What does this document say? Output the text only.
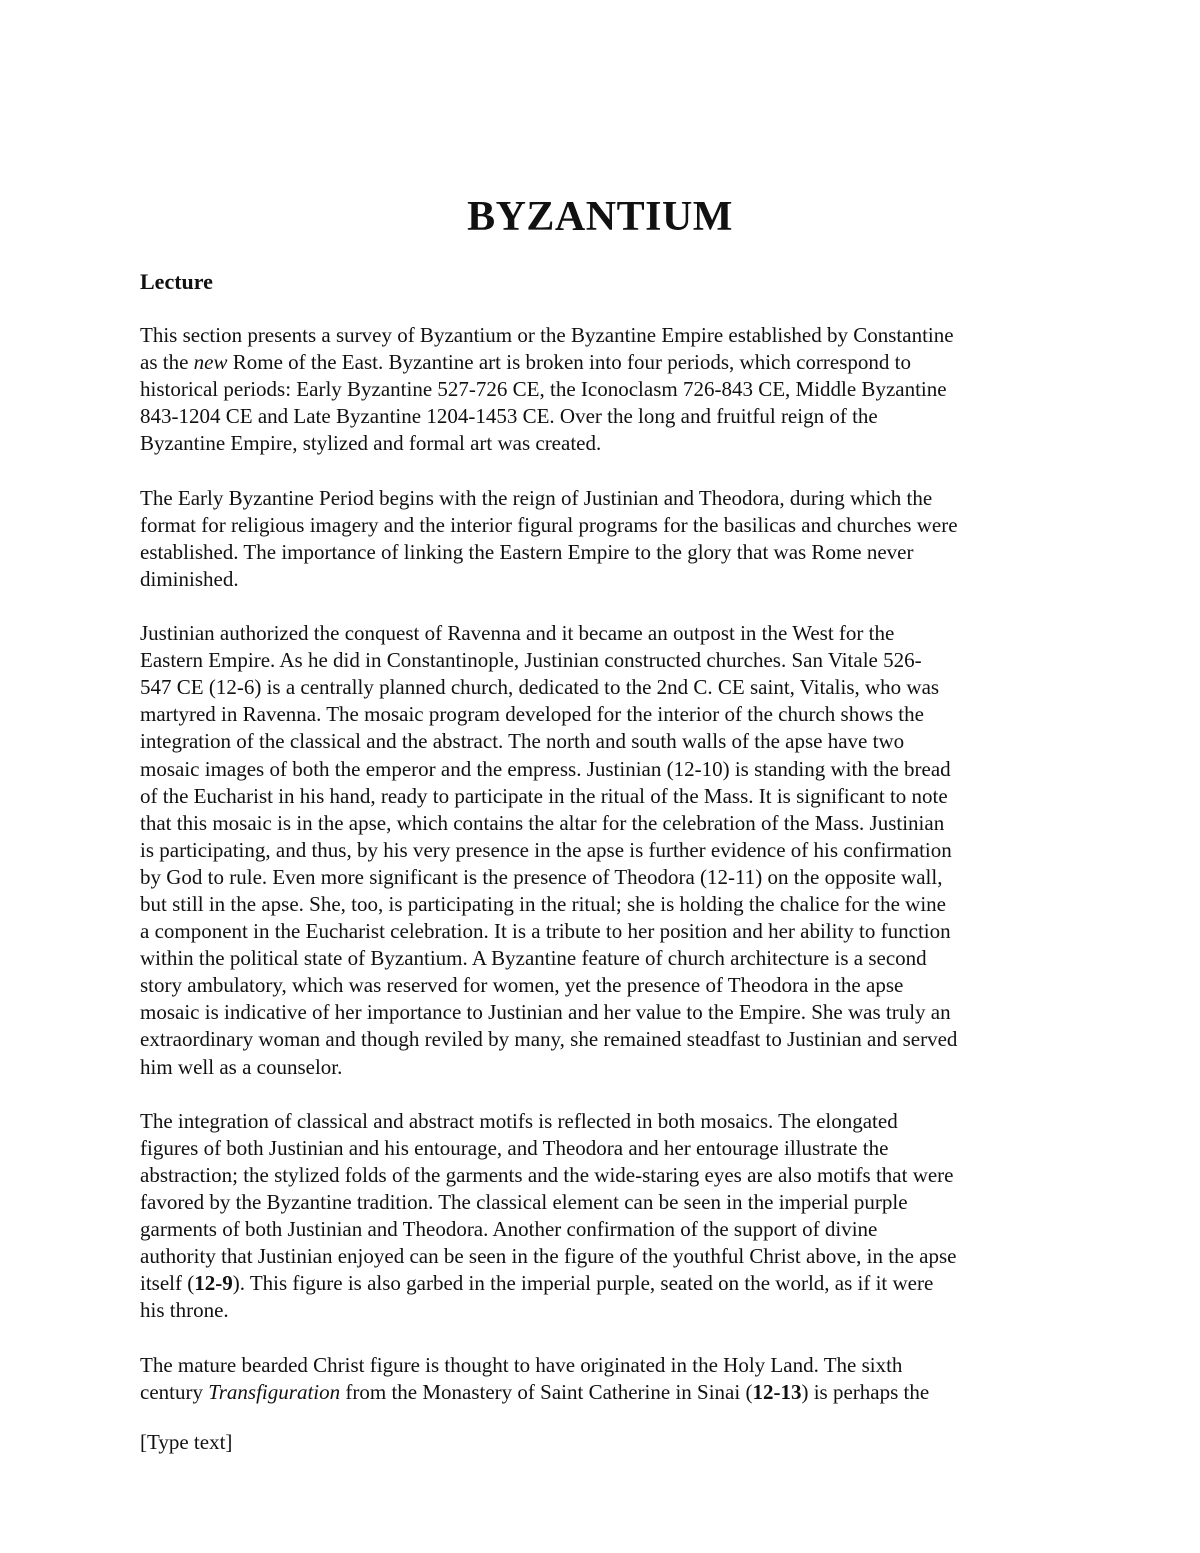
BYZANTIUM
Lecture

This section presents a survey of Byzantium or the Byzantine Empire established by Constantine
as the new Rome of the East. Byzantine art is broken into four periods, which correspond to
historical periods: Early Byzantine 527-726 CE, the Iconoclasm 726-843 CE, Middle Byzantine
843-1204 CE and Late Byzantine 1204-1453 CE. Over the long and fruitful reign of the
Byzantine Empire, stylized and formal art was created.

The Early Byzantine Period begins with the reign of Justinian and Theodora, during which the
format for religious imagery and the interior figural programs for the basilicas and churches were
established. The importance of linking the Eastern Empire to the glory that was Rome never
diminished.

Justinian authorized the conquest of Ravenna and it became an outpost in the West for the
Eastern Empire. As he did in Constantinople, Justinian constructed churches. San Vitale 526-
547 CE (12-6) is a centrally planned church, dedicated to the 2nd C. CE saint, Vitalis, who was
martyred in Ravenna. The mosaic program developed for the interior of the church shows the
integration of the classical and the abstract. The north and south walls of the apse have two
mosaic images of both the emperor and the empress. Justinian (12-10) is standing with the bread
of the Eucharist in his hand, ready to participate in the ritual of the Mass. It is significant to note
that this mosaic is in the apse, which contains the altar for the celebration of the Mass. Justinian
is participating, and thus, by his very presence in the apse is further evidence of his confirmation
by God to rule. Even more significant is the presence of Theodora (12-11) on the opposite wall,
but still in the apse. She, too, is participating in the ritual; she is holding the chalice for the wine
a component in the Eucharist celebration. It is a tribute to her position and her ability to function
within the political state of Byzantium. A Byzantine feature of church architecture is a second
story ambulatory, which was reserved for women, yet the presence of Theodora in the apse
mosaic is indicative of her importance to Justinian and her value to the Empire. She was truly an
extraordinary woman and though reviled by many, she remained steadfast to Justinian and served
him well as a counselor.

The integration of classical and abstract motifs is reflected in both mosaics. The elongated
figures of both Justinian and his entourage, and Theodora and her entourage illustrate the
abstraction; the stylized folds of the garments and the wide-staring eyes are also motifs that were
favored by the Byzantine tradition. The classical element can be seen in the imperial purple
garments of both Justinian and Theodora. Another confirmation of the support of divine
authority that Justinian enjoyed can be seen in the figure of the youthful Christ above, in the apse
itself (12-9). This figure is also garbed in the imperial purple, seated on the world, as if it were
his throne.

The mature bearded Christ figure is thought to have originated in the Holy Land. The sixth
century Transfiguration from the Monastery of Saint Catherine in Sinai (12-13) is perhaps the

[Type text]
